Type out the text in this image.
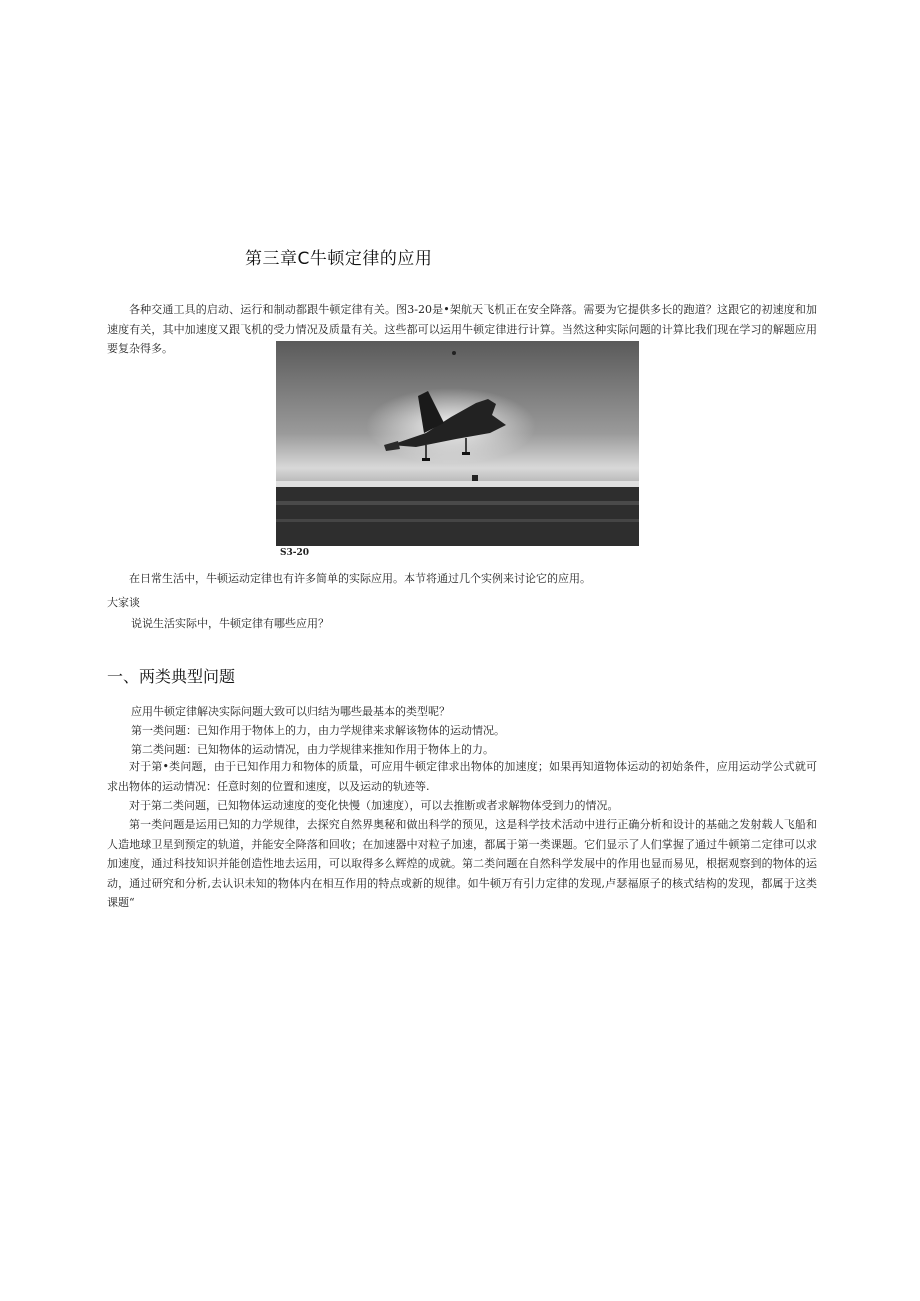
第三章C牛顿定律的应用
各种交通工具的启动、运行和制动都跟牛顿定律有关。图3-20是•架航天飞机正在安全降落。需要为它提供多长的跑道？这跟它的初速度和加速度有关，其中加速度又跟飞机的受力情况及质量有关。这些都可以运用牛顿定律进行计算。当然这种实际问题的计算比我们现在学习的解题应用要复杂得多。
S3-20
在日常生活中，牛顿运动定律也有许多简单的实际应用。本节将通过几个实例来讨论它的应用。
大家谈
说说生活实际中，牛顿定律有哪些应用？
一、两类典型问题
应用牛顿定律解决实际问题大致可以归结为哪些最基本的类型呢？
第一类问题：已知作用于物体上的力，由力学规律来求解该物体的运动情况。
第二类问题：已知物体的运动情况，由力学规律来推知作用于物体上的力。
对于第•类问题，由于已知作用力和物体的质量，可应用牛顿定律求出物体的加速度；如果再知道物体运动的初始条件，应用运动学公式就可求出物体的运动情况：任意时刻的位置和速度，以及运动的轨迹等.
对于第二类问题，已知物体运动速度的变化快慢（加速度），可以去推断或者求解物体受到力的情况。
第一类问题是运用已知的力学规律，去探究自然界奥秘和做出科学的预见，这是科学技术活动中进行正确分析和设计的基础之发射载人飞船和人造地球卫星到预定的轨道，并能安全降落和回收；在加速器中对粒子加速，都属于第一类课题。它们显示了人们掌握了通过牛顿第二定律可以求加速度，通过科技知识并能创造性地去运用，可以取得多么辉煌的成就。第二类问题在自然科学发展中的作用也显而易见，根据观察到的物体的运动，通过研究和分析,去认识未知的物体内在相互作用的特点或新的规律。如牛顿万有引力定律的发现,卢瑟福原子的核式结构的发现，都属于这类课题“
